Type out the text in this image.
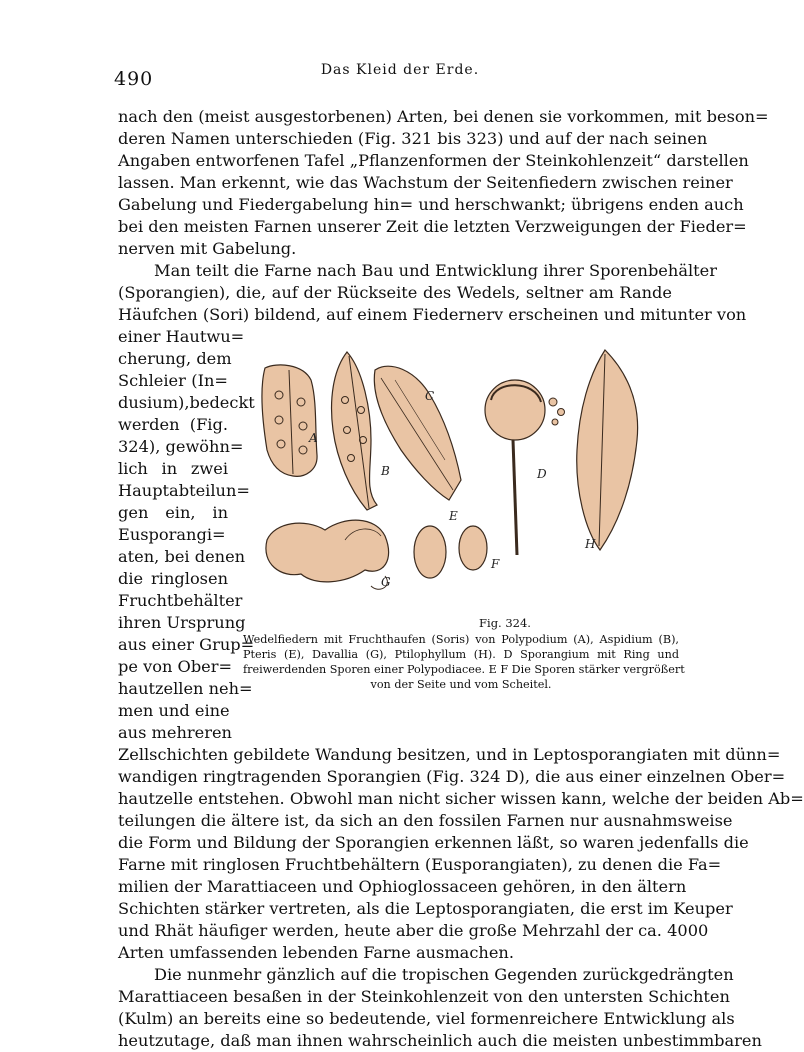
490	Das Kleid der Erde.
nach den (meist ausgestorbenen) Arten, bei denen sie vorkommen, mit beson=
deren Namen unterschieden (Fig. 321 bis 323) und auf der nach seinen
Angaben entworfenen Tafel „Pflanzenformen der Steinkohlenzeit“ darstellen
lassen. Man erkennt, wie das Wachstum der Seitenfiedern zwischen reiner
Gabelung und Fiedergabelung hin= und herschwankt; übrigens enden auch
bei den meisten Farnen unserer Zeit die letzten Verzweigungen der Fieder=
nerven mit Gabelung.
Man teilt die Farne nach Bau und Entwicklung ihrer Sporenbehälter
(Sporangien), die, auf der Rückseite des Wedels, seltner am Rande
Häufchen (Sori) bildend, auf einem Fiedernerv erscheinen und mitunter von
einer Hautwu=
cherung, dem
Schleier (In=
dusium),bedeckt
werden (Fig.
324), gewöhn=
lich in zwei
Hauptabteilun=
gen ein, in
Eusporangi=
aten, bei denen
die ringlosen
Fruchtbehälter
ihren Ursprung
aus einer Grup=
pe von Ober=
hautzellen neh=
men und eine
aus mehreren
A
B
C
D
H
E
F
G
Fig. 324.
Wedelfiedern mit Fruchthaufen (Soris) von Polypodium (A), Aspidium (B),
Pteris (E), Davallia (G), Ptilophyllum (H). D Sporangium mit Ring und
freiwerdenden Sporen einer Polypodiacee. E F Die Sporen stärker vergrößert
von der Seite und vom Scheitel.
Zellschichten gebildete Wandung besitzen, und in Leptosporangiaten mit dünn=
wandigen ringtragenden Sporangien (Fig. 324 D), die aus einer einzelnen Ober=
hautzelle entstehen. Obwohl man nicht sicher wissen kann, welche der beiden Ab=
teilungen die ältere ist, da sich an den fossilen Farnen nur ausnahmsweise
die Form und Bildung der Sporangien erkennen läßt, so waren jedenfalls die
Farne mit ringlosen Fruchtbehältern (Eusporangiaten), zu denen die Fa=
milien der Marattiaceen und Ophioglossaceen gehören, in den ältern
Schichten stärker vertreten, als die Leptosporangiaten, die erst im Keuper
und Rhät häufiger werden, heute aber die große Mehrzahl der ca. 4000
Arten umfassenden lebenden Farne ausmachen.
Die nunmehr gänzlich auf die tropischen Gegenden zurückgedrängten
Marattiaceen besaßen in der Steinkohlenzeit von den untersten Schichten
(Kulm) an bereits eine so bedeutende, viel formenreichere Entwicklung als
heutzutage, daß man ihnen wahrscheinlich auch die meisten unbestimmbaren
